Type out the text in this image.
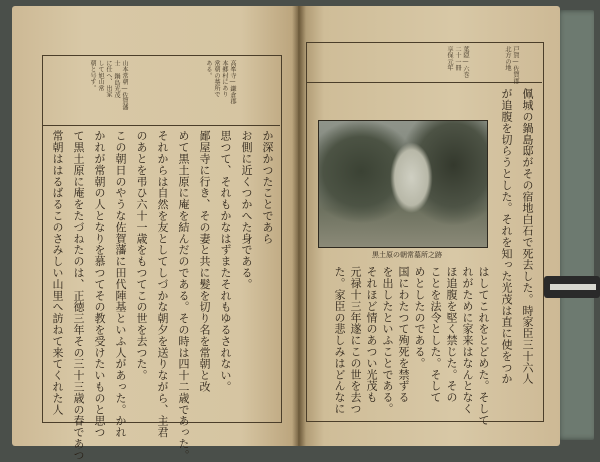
高峯寺—鎌倉郡
本郷村にあり
常朝の墓所で
ある。
山本常朝—佐賀藩
士 鍋島光茂
に仕へ、出家
して旭山常
朝と号す。
か深かつたことであら
お側に近くつかへた身である。
思つて、それもかなはずまたそれもゆるされない。
鄙屋寺に行き、その妻と共に髪を切り名を常朝と改
めて黒土原に庵を結んだのである。その時は四十二歳であった。
それからは自然を友としてしづかな朝夕を送りながら、主君
のあとを弔ひ六十一歳をもつてこの世を去つた。
この朝日のやうな佐賀藩に田代陣基といふ人があった。かれ
かれが常朝の人となりを慕つてその教を受けたいものと思つ
て黒土原に庵をたづねたのは、正徳三年その三十三歳の春であつ
常朝ははるばるこのさみしい山里へ訪ねて来てくれた人
戸賀—佐賀郡
北方の地
葉隠—六巻
二十一冊
享保元年
佩城の鍋島邸がその宿地白石で死去した。時家臣三十六人
が追腹を切らうとした。それを知った光茂は直に使をつか
黒土原の朝常墓所之跡
はしてこれをとどめた。そして
れがために家来はなんとなく
ほ追腹を堅く禁じた。その
ことを法令とした。そして
めとしたのである。
国にわたつて殉死を禁ずる
を出したといふことである。
それほど情のあつい光茂も
元禄十三年遂にこの世を去つ
た。家臣の悲しみはどんなに
